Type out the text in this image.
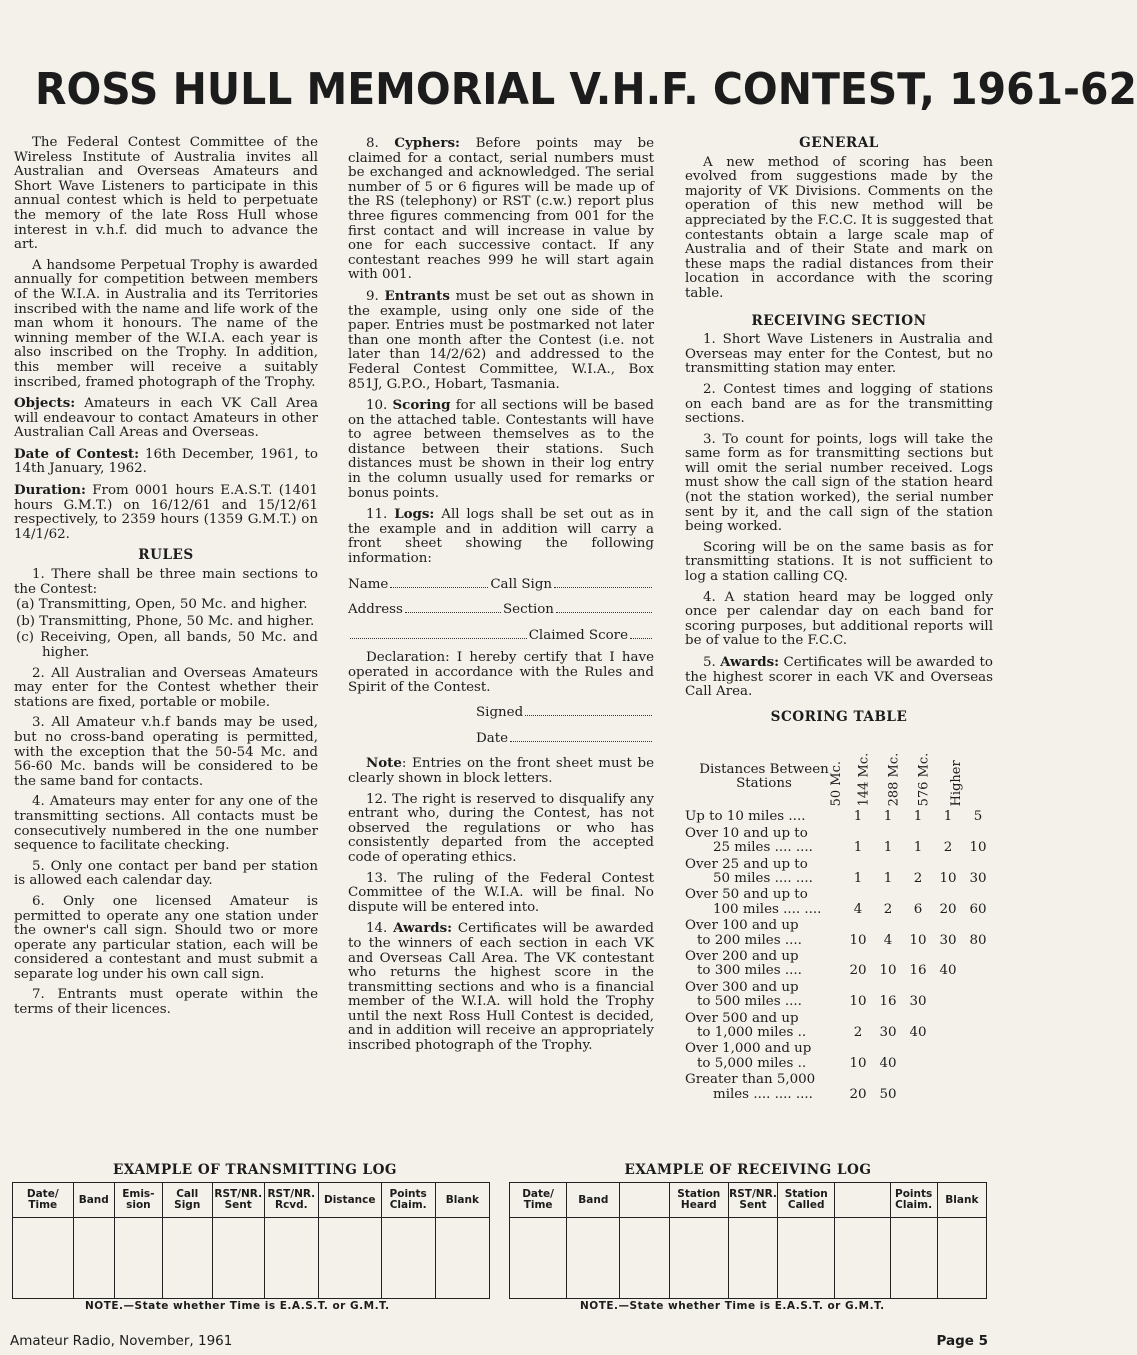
ROSS HULL MEMORIAL V.H.F. CONTEST, 1961-62

The Federal Contest Committee of the Wireless Institute of Australia invites all Australian and Overseas Amateurs and Short Wave Listeners to participate in this annual contest which is held to perpetuate the memory of the late Ross Hull whose interest in v.h.f. did much to advance the art.

A handsome Perpetual Trophy is awarded annually for competition between members of the W.I.A. in Australia and its Territories inscribed with the name and life work of the man whom it honours. The name of the winning member of the W.I.A. each year is also inscribed on the Trophy. In addition, this member will receive a suitably inscribed, framed photograph of the Trophy.

Objects: Amateurs in each VK Call Area will endeavour to contact Amateurs in other Australian Call Areas and Overseas.

Date of Contest: 16th December, 1961, to 14th January, 1962.

Duration: From 0001 hours E.A.S.T. (1401 hours G.M.T.) on 16/12/61 and 15/12/61 respectively, to 2359 hours (1359 G.M.T.) on 14/1/62.

RULES

1. There shall be three main sections to the Contest:

(a) Transmitting, Open, 50 Mc. and higher.
(b) Transmitting, Phone, 50 Mc. and higher.
(c) Receiving, Open, all bands, 50 Mc. and higher.

2. All Australian and Overseas Amateurs may enter for the Contest whether their stations are fixed, portable or mobile.

3. All Amateur v.h.f bands may be used, but no cross-band operating is permitted, with the exception that the 50-54 Mc. and 56-60 Mc. bands will be considered to be the same band for contacts.

4. Amateurs may enter for any one of the transmitting sections. All contacts must be consecutively numbered in the one number sequence to facilitate checking.

5. Only one contact per band per station is allowed each calendar day.

6. Only one licensed Amateur is permitted to operate any one station under the owner's call sign. Should two or more operate any particular station, each will be considered a contestant and must submit a separate log under his own call sign.

7. Entrants must operate within the terms of their licences.

8. Cyphers: Before points may be claimed for a contact, serial numbers must be exchanged and acknowledged. The serial number of 5 or 6 figures will be made up of the RS (telephony) or RST (c.w.) report plus three figures commencing from 001 for the first contact and will increase in value by one for each successive contact. If any contestant reaches 999 he will start again with 001.

9. Entrants must be set out as shown in the example, using only one side of the paper. Entries must be postmarked not later than one month after the Contest (i.e. not later than 14/2/62) and addressed to the Federal Contest Committee, W.I.A., Box 851J, G.P.O., Hobart, Tasmania.

10. Scoring for all sections will be based on the attached table. Contestants will have to agree between themselves as to the distance between their stations. Such distances must be shown in their log entry in the column usually used for remarks or bonus points.

11. Logs: All logs shall be set out as in the example and in addition will carry a front sheet showing the following information:

Name	Call Sign
Address	Section
Claimed Score

Declaration: I hereby certify that I have operated in accordance with the Rules and Spirit of the Contest.

Signed
Date

Note: Entries on the front sheet must be clearly shown in block letters.

12. The right is reserved to disqualify any entrant who, during the Contest, has not observed the regulations or who has consistently departed from the accepted code of operating ethics.

13. The ruling of the Federal Contest Committee of the W.I.A. will be final. No dispute will be entered into.

14. Awards: Certificates will be awarded to the winners of each section in each VK and Overseas Call Area. The VK contestant who returns the highest score in the transmitting sections and who is a financial member of the W.I.A. will hold the Trophy until the next Ross Hull Contest is decided, and in addition will receive an appropriately inscribed photograph of the Trophy.

GENERAL

A new method of scoring has been evolved from suggestions made by the majority of VK Divisions. Comments on the operation of this new method will be appreciated by the F.C.C. It is suggested that contestants obtain a large scale map of Australia and of their State and mark on these maps the radial distances from their location in accordance with the scoring table.

RECEIVING SECTION

1. Short Wave Listeners in Australia and Overseas may enter for the Contest, but no transmitting station may enter.

2. Contest times and logging of stations on each band are as for the transmitting sections.

3. To count for points, logs will take the same form as for transmitting sections but will omit the serial number received. Logs must show the call sign of the station heard (not the station worked), the serial number sent by it, and the call sign of the station being worked.

Scoring will be on the same basis as for transmitting stations. It is not sufficient to log a station calling CQ.

4. A station heard may be logged only once per calendar day on each band for scoring purposes, but additional reports will be of value to the F.C.C.

5. Awards: Certificates will be awarded to the highest scorer in each VK and Overseas Call Area.

SCORING TABLE
Distances Between Stations	50 Mc.	144 Mc.	288 Mc.	576 Mc.	Higher

Up to 10 miles ....	1	1	1	1	5

Over 10 and up to
25 miles .... ....	1	1	1	2	10

Over 25 and up to
50 miles .... ....	1	1	2	10	30

Over 50 and up to
100 miles .... ....	4	2	6	20	60

Over 100 and up
to 200 miles ....	10	4	10	30	80

Over 200 and up
to 300 miles ....	20	10	16	40	

Over 300 and up
to 500 miles ....	10	16	30		

Over 500 and up
to 1,000 miles ..	2	30	40		

Over 1,000 and up
to 5,000 miles ..	10	40			

Greater than 5,000
miles .... .... ....	20	50			
EXAMPLE OF TRANSMITTING LOG
Date/ Time	Band	Emis- sion	Call Sign	RST/NR. Sent	RST/NR. Rcvd.	Distance	Points Claim.	Blank

NOTE.—State whether Time is E.A.S.T. or G.M.T.
EXAMPLE OF RECEIVING LOG
Date/ Time	Band		Station Heard	RST/NR. Sent	Station Called		Points Claim.	Blank

NOTE.—State whether Time is E.A.S.T. or G.M.T.
Amateur Radio, November, 1961	Page 5
